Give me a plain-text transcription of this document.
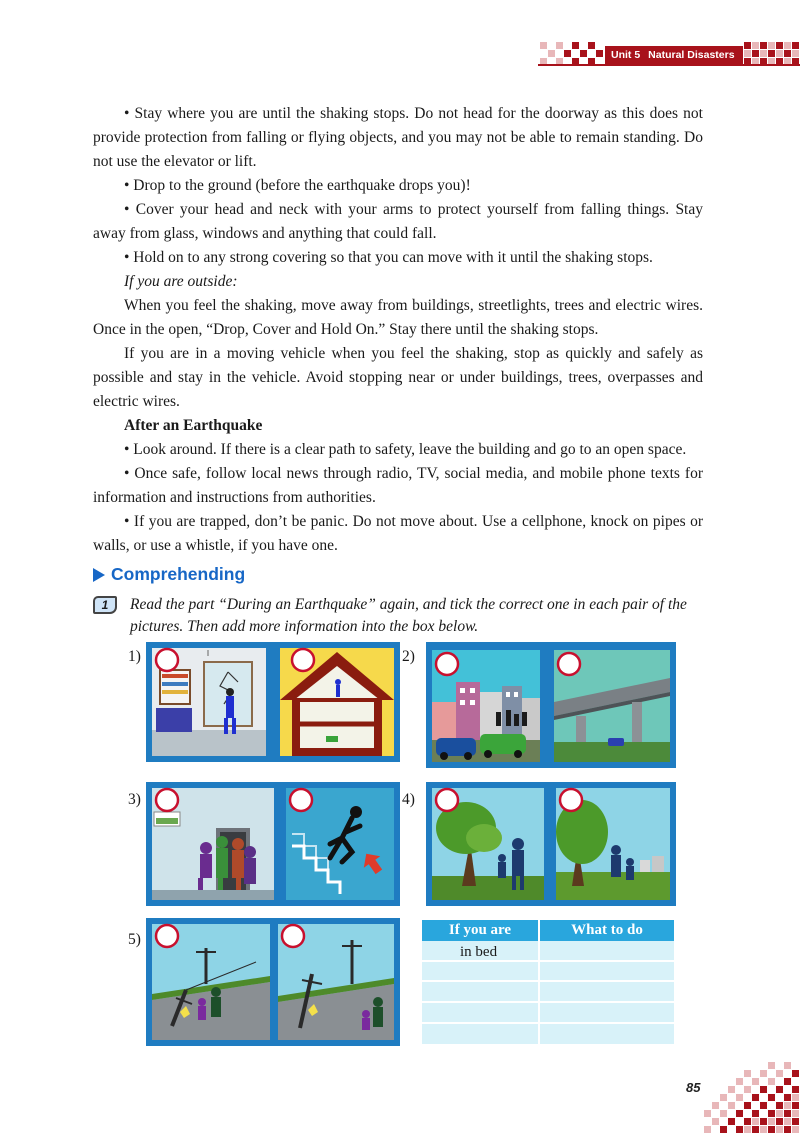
Unit 5 Natural Disasters

• Stay where you are until the shaking stops. Do not head for the doorway as this does not provide protection from falling or flying objects, and you may not be able to remain standing. Do not use the elevator or lift.

• Drop to the ground (before the earthquake drops you)!

• Cover your head and neck with your arms to protect yourself from falling things. Stay away from glass, windows and anything that could fall.

• Hold on to any strong covering so that you can move with it until the shaking stops.

If you are outside:

When you feel the shaking, move away from buildings, streetlights, trees and electric wires. Once in the open, “Drop, Cover and Hold On.” Stay there until the shaking stops.

If you are in a moving vehicle when you feel the shaking, stop as quickly and safely as possible and stay in the vehicle. Avoid stopping near or under buildings, trees, overpasses and electric wires.

After an Earthquake

• Look around. If there is a clear path to safety, leave the building and go to an open space.

• Once safe, follow local news through radio, TV, social media, and mobile phone texts for information and instructions from authorities.

• If you are trapped, don’t be panic. Do not move about. Use a cellphone, knock on pipes or walls, or use a whistle, if you have one.

Comprehending
1	Read the part “During an Earthquake” again, and tick the correct one in each pair of the pictures. Then add more information into the box below.
1)	2)
3)	4)
5)
If you are	What to do
in bed
85
